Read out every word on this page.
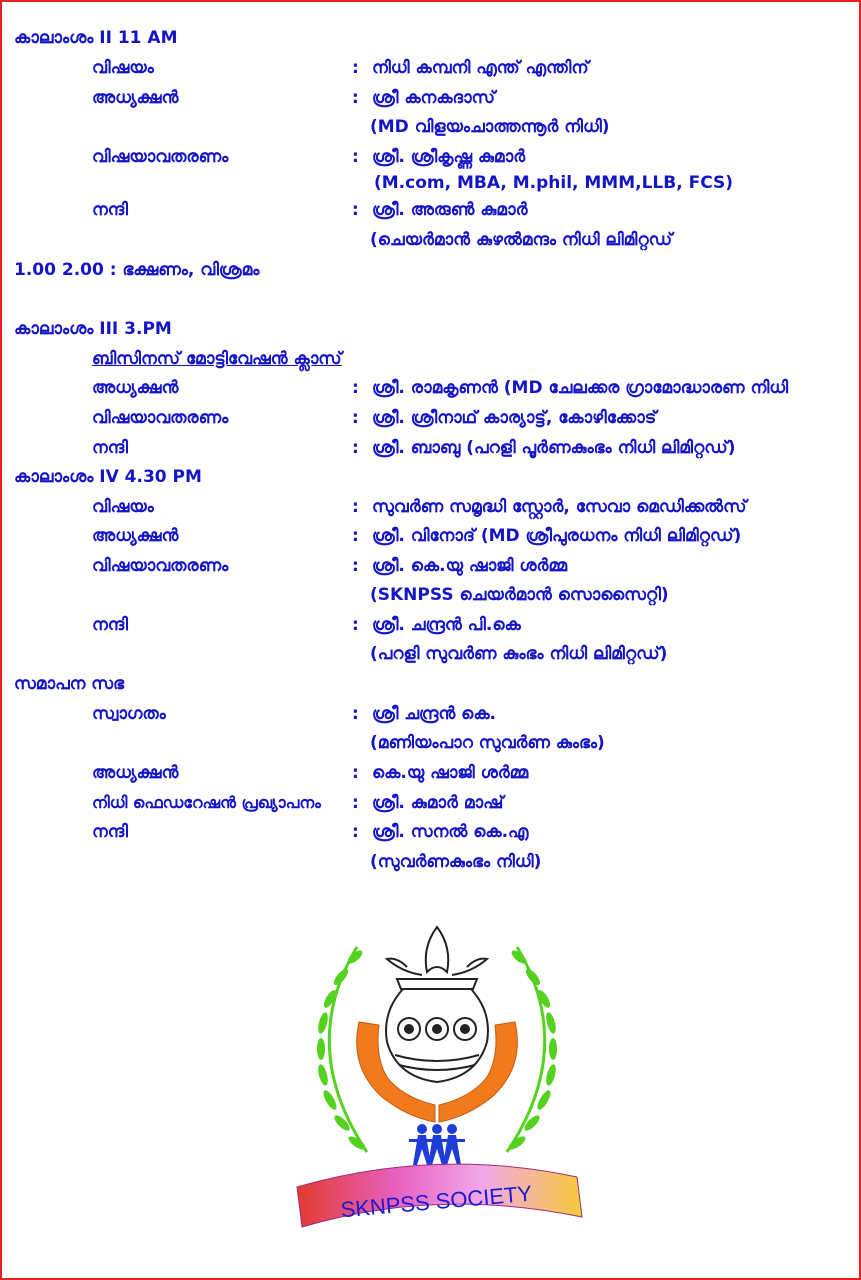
കാലാംശം II 11 AM
വിഷയം	: നിധി കമ്പനി എന്ത് എന്തിന്
അധ്യക്ഷൻ	: ശ്രീ കനകദാസ്
(MD വിളയംചാത്തന്നൂർ നിധി)
വിഷയാവതരണം	: ശ്രീ. ശ്രീകൃഷ്ണ കുമാർ
(M.com, MBA, M.phil, MMM,LLB, FCS)
നന്ദി	: ശ്രീ. അരുൺ കുമാർ
(ചെയർമാൻ കുഴൽമന്ദം നിധി ലിമിറ്റഡ്
1.00 2.00 : ഭക്ഷണം, വിശ്രമം
കാലാംശം III 3.PM
ബിസിനസ് മോട്ടിവേഷൻ ക്ലാസ്
അധ്യക്ഷൻ	: ശ്രീ. രാമകൃണൻ (MD ചേലക്കര ഗ്രാമോദ്ധാരണ നിധി
വിഷയാവതരണം	: ശ്രീ. ശ്രീനാഥ് കാര്യാട്ട്, കോഴിക്കോട്
നന്ദി	: ശ്രീ. ബാബു (പറളി പൂർണകുംഭം നിധി ലിമിറ്റഡ്)
കാലാംശം IV 4.30 PM
വിഷയം	: സുവർണ സമൃദ്ധി സ്റ്റോർ, സേവാ മെഡിക്കൽസ്
അധ്യക്ഷൻ	: ശ്രീ. വിനോദ് (MD ശ്രീപുരധനം നിധി ലിമിറ്റഡ്)
വിഷയാവതരണം	: ശ്രീ. കെ.യു ഷാജി ശർമ്മ
(SKNPSS ചെയർമാൻ സൊസൈറ്റി)
നന്ദി	: ശ്രീ. ചന്ദ്രൻ പി.കെ
(പറളി സുവർണ കുംഭം നിധി ലിമിറ്റഡ്)
സമാപന സഭ
സ്വാഗതം	: ശ്രീ ചന്ദ്രൻ കെ.
(മണിയംപാറ സുവർണ കുംഭം)
അധ്യക്ഷൻ	: കെ.യു ഷാജി ശർമ്മ
നിധി ഫെഡറേഷൻ പ്രഖ്യാപനം : ശ്രീ. കുമാർ മാഷ്
നന്ദി	: ശ്രീ. സനൽ കെ.എ
(സുവർണകുംഭം നിധി)
SKNPSS SOCIETY
